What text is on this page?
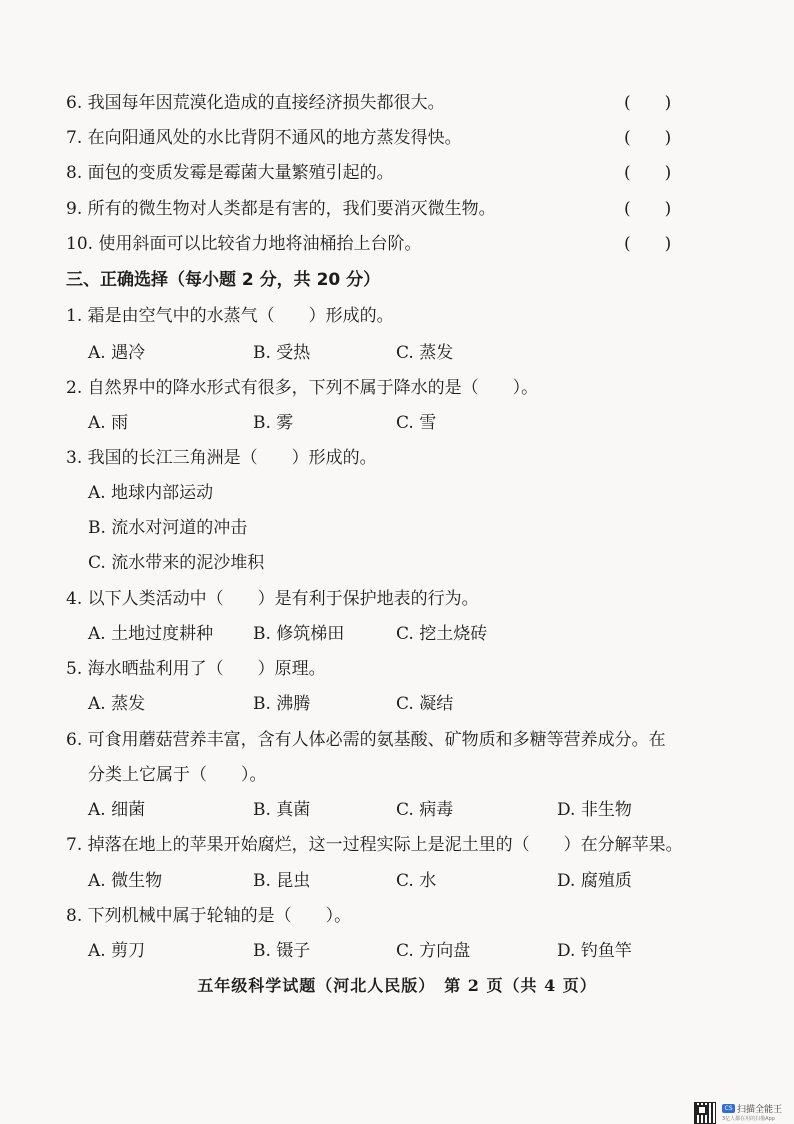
6. 我国每年因荒漠化造成的直接经济损失都很大。	(　　)
7. 在向阳通风处的水比背阴不通风的地方蒸发得快。	(　　)
8. 面包的变质发霉是霉菌大量繁殖引起的。	(　　)
9. 所有的微生物对人类都是有害的，我们要消灭微生物。	(　　)
10. 使用斜面可以比较省力地将油桶抬上台阶。	(　　)
三、正确选择（每小题 2 分，共 20 分）
1. 霜是由空气中的水蒸气（　　）形成的。
A. 遇冷	B. 受热	C. 蒸发
2. 自然界中的降水形式有很多，下列不属于降水的是（　　）。
A. 雨	B. 雾	C. 雪
3. 我国的长江三角洲是（　　）形成的。
A. 地球内部运动
B. 流水对河道的冲击
C. 流水带来的泥沙堆积
4. 以下人类活动中（　　）是有利于保护地表的行为。
A. 土地过度耕种 B. 修筑梯田	C. 挖土烧砖
5. 海水晒盐利用了（　　）原理。
A. 蒸发	B. 沸腾	C. 凝结
6. 可食用蘑菇营养丰富，含有人体必需的氨基酸、矿物质和多糖等营养成分。在
分类上它属于（　　）。
A. 细菌	B. 真菌	C. 病毒	D. 非生物
7. 掉落在地上的苹果开始腐烂，这一过程实际上是泥土里的（　　）在分解苹果。
A. 微生物	B. 昆虫	C. 水	D. 腐殖质
8. 下列机械中属于轮轴的是（　　）。
A. 剪刀	B. 镊子	C. 方向盘	D. 钓鱼竿
五年级科学试题（河北人民版）　第 2 页（共 4 页）
CS 扫描全能王
3亿人都在用的扫描App
